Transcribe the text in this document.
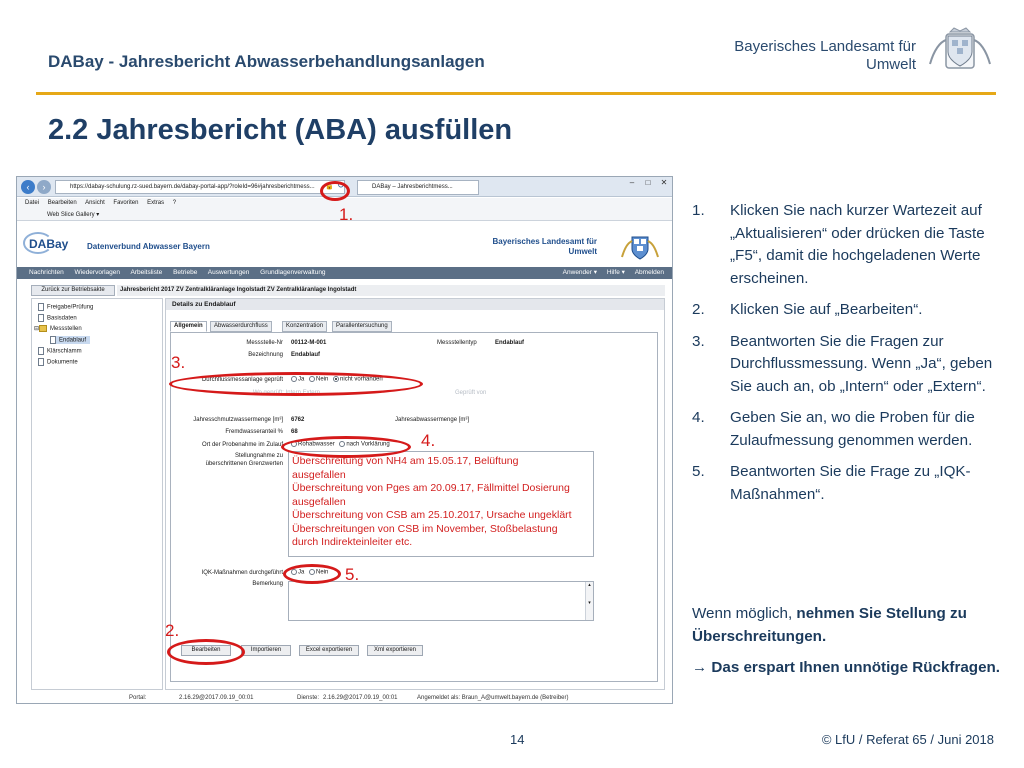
DABay - Jahresbericht Abwasserbehandlungsanlagen
Bayerisches Landesamt für
Umwelt
2.2 Jahresbericht (ABA) ausfüllen
‹	›	https://dabay-schulung.rz-sued.bayern.de/dabay-portal-app/?roleId=96#jahresberichtmess...	🔒 ↻	DABay – Jahresberichtmess...	–	□	✕
Datei Bearbeiten Ansicht Favoriten Extras ?
Web Slice Gallery ▾
DABay Datenverbund Abwasser Bayern
Bayerisches Landesamt für
Umwelt
Nachrichten Wiedervorlagen Arbeitsliste Betriebe Auswertungen Grundlagenverwaltung	Anwender ▾ Hilfe ▾ Abmelden
Zurück zur Betriebsakte	Jahresbericht 2017 ZV Zentralkläranlage Ingolstadt ZV Zentralkläranlage Ingolstadt
Freigabe/Prüfung
Basisdaten
⊟ Messstellen
Endablauf
Klärschlamm
Dokumente
Details zu Endablauf
Allgemein	Abwasserdurchfluss	Konzentration	Parallentersuchung
Messstelle-Nr 00112-M-001	Messstellentyp	Endablauf
Bezeichnung Endablauf
Durchflussmessanlage geprüft	Ja Nein nicht vorhanden
Wo geprüft: Intern Extern	Geprüft von
Jahresschmutzwassermenge [m³] 6762	Jahresabwassermenge [m³]
Fremdwasseranteil % 68
Ort der Probenahme im Zulauf	Rohabwasser nach Vorklärung
Stellungnahme zu
überschrittenen Grenzwerten Überschreitung von NH4 am 15.05.17, Belüftung
ausgefallen
Überschreitung von Pges am 20.09.17, Fällmittel Dosierung
ausgefallen
Überschreitung von CSB am 25.10.2017, Ursache ungeklärt
Überschreitungen von CSB im November, Stoßbelastung
durch Indirekteinleiter etc.
IQK-Maßnahmen durchgeführt	Ja Nein
Bemerkung	▴

▾
Bearbeiten	Importieren	Excel exportieren	Xml exportieren
Portal:	2.16.29@2017.09.19_00:01	Dienste: 2.16.29@2017.09.19_00:01	Angemeldet als: Braun_A@umwelt.bayern.de (Betreiber)
1.
3.
4.
5.
2.
1. Klicken Sie nach kurzer Wartezeit auf „Aktualisieren“ oder drücken die Taste „F5“, damit die hochgeladenen Werte erscheinen.
2. Klicken Sie auf „Bearbeiten“.
3. Beantworten Sie die Fragen zur Durchflussmessung. Wenn „Ja“, geben Sie auch an, ob „Intern“ oder „Extern“.
4. Geben Sie an, wo die Proben für die Zulaufmessung genommen werden.
5. Beantworten Sie die Frage zu „IQK-Maßnahmen“.
Wenn möglich, nehmen Sie Stellung zu Überschreitungen.
→ Das erspart Ihnen unnötige Rückfragen.
14	© LfU / Referat 65 / Juni 2018
